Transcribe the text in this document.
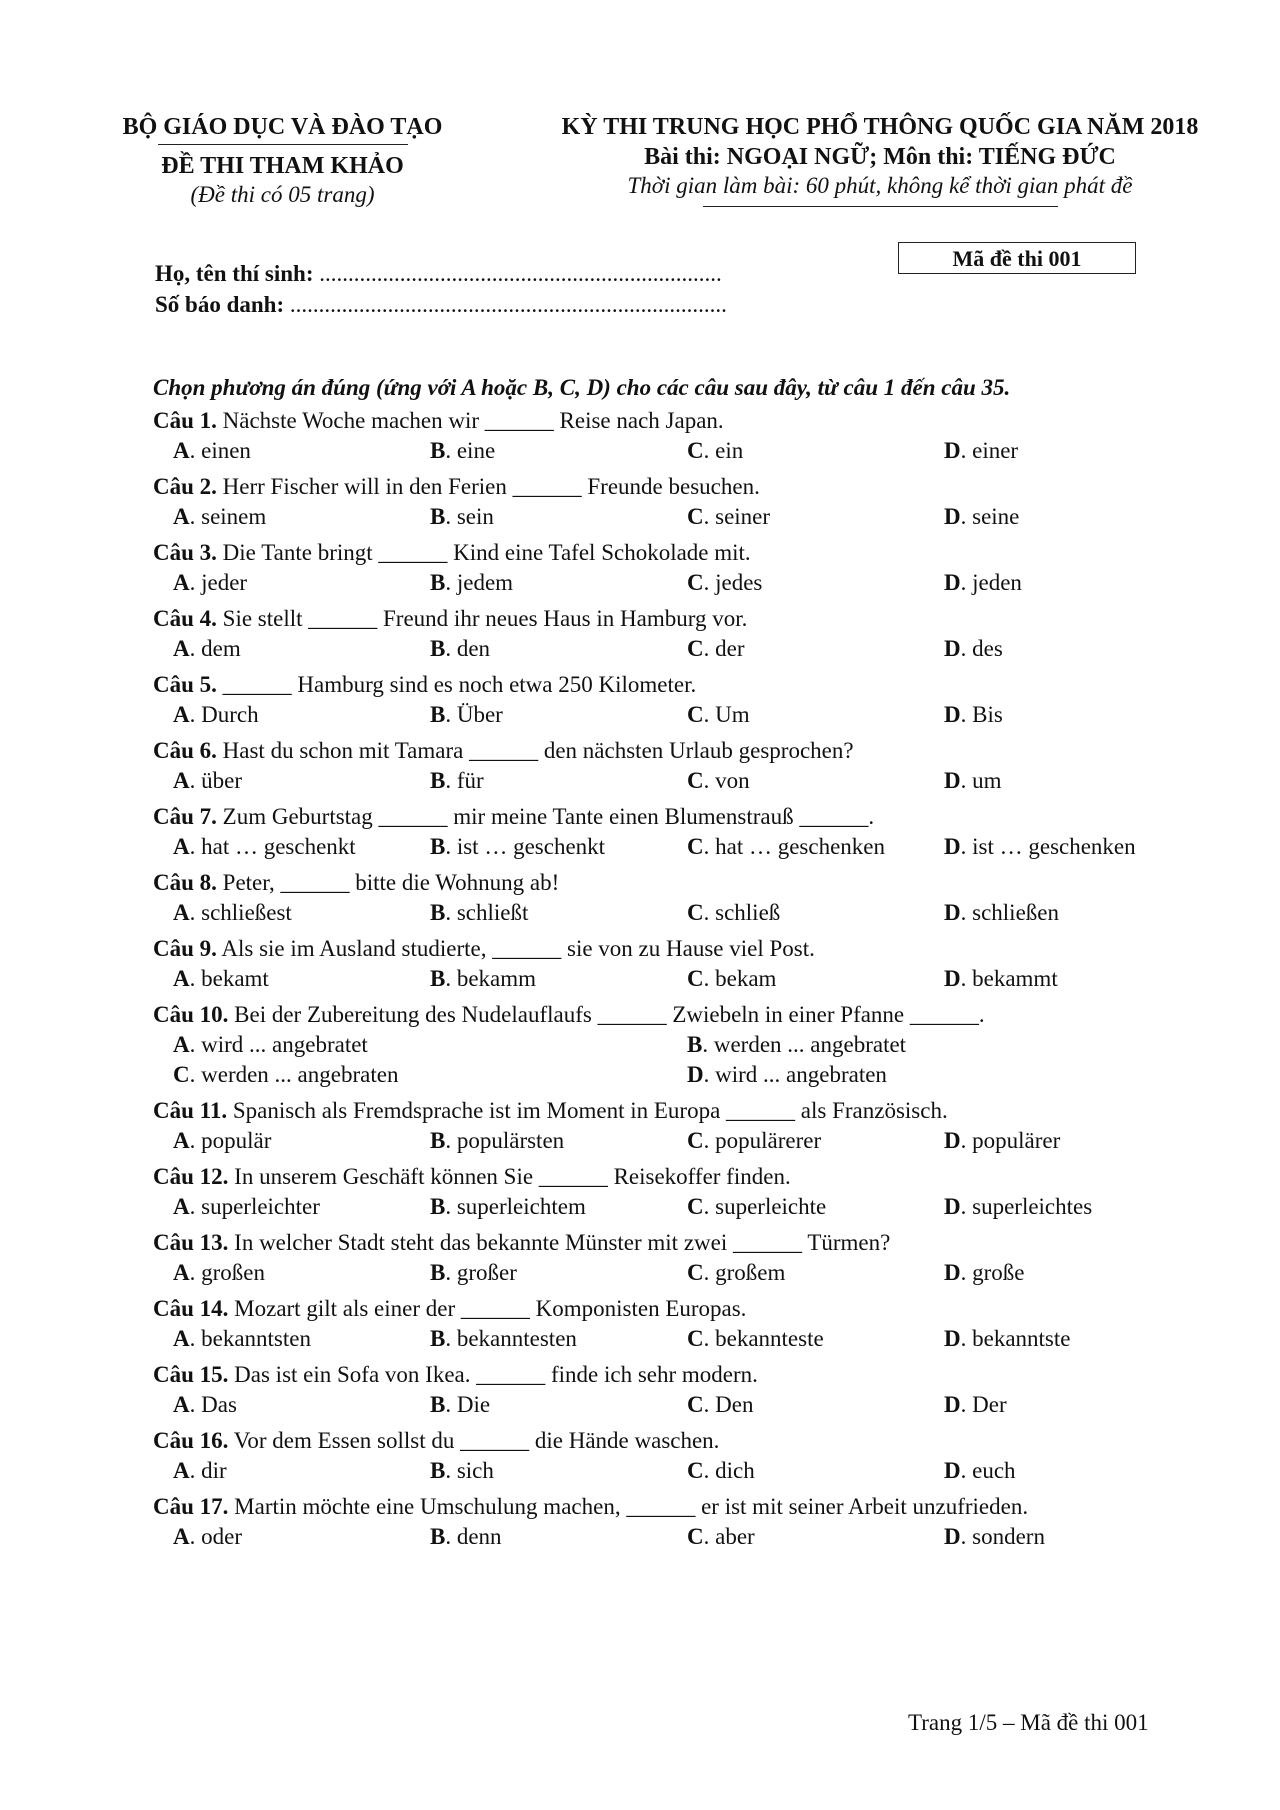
BỘ GIÁO DỤC VÀ ĐÀO TẠO
ĐỀ THI THAM KHẢO
(Đề thi có 05 trang)
KỲ THI TRUNG HỌC PHỔ THÔNG QUỐC GIA NĂM 2018
Bài thi: NGOẠI NGỮ; Môn thi: TIẾNG ĐỨC
Thời gian làm bài: 60 phút, không kể thời gian phát đề
Họ, tên thí sinh: ......................................................................
Số báo danh: ............................................................................
Mã đề thi 001
Chọn phương án đúng (ứng với A hoặc B, C, D) cho các câu sau đây, từ câu 1 đến câu 35.
Câu 1. Nächste Woche machen wir ______ Reise nach Japan.
A. einen	B. eine	C. ein	D. einer
Câu 2. Herr Fischer will in den Ferien ______ Freunde besuchen.
A. seinem	B. sein	C. seiner	D. seine
Câu 3. Die Tante bringt ______ Kind eine Tafel Schokolade mit.
A. jeder	B. jedem	C. jedes	D. jeden
Câu 4. Sie stellt ______ Freund ihr neues Haus in Hamburg vor.
A. dem	B. den	C. der	D. des
Câu 5. ______ Hamburg sind es noch etwa 250 Kilometer.
A. Durch	B. Über	C. Um	D. Bis
Câu 6. Hast du schon mit Tamara ______ den nächsten Urlaub gesprochen?
A. über	B. für	C. von	D. um
Câu 7. Zum Geburtstag ______ mir meine Tante einen Blumenstrauß ______.
A. hat … geschenkt	B. ist … geschenkt	C. hat … geschenken	D. ist … geschenken
Câu 8. Peter, ______ bitte die Wohnung ab!
A. schließest	B. schließt	C. schließ	D. schließen
Câu 9. Als sie im Ausland studierte, ______ sie von zu Hause viel Post.
A. bekamt	B. bekamm	C. bekam	D. bekammt
Câu 10. Bei der Zubereitung des Nudelauflaufs ______ Zwiebeln in einer Pfanne ______.
A. wird ... angebratet	B. werden ... angebratet
C. werden ... angebraten	D. wird ... angebraten
Câu 11. Spanisch als Fremdsprache ist im Moment in Europa ______ als Französisch.
A. populär	B. populärsten	C. populärerer	D. populärer
Câu 12. In unserem Geschäft können Sie ______ Reisekoffer finden.
A. superleichter	B. superleichtem	C. superleichte	D. superleichtes
Câu 13. In welcher Stadt steht das bekannte Münster mit zwei ______ Türmen?
A. großen	B. großer	C. großem	D. große
Câu 14. Mozart gilt als einer der ______ Komponisten Europas.
A. bekanntsten	B. bekanntesten	C. bekannteste	D. bekanntste
Câu 15. Das ist ein Sofa von Ikea. ______ finde ich sehr modern.
A. Das	B. Die	C. Den	D. Der
Câu 16. Vor dem Essen sollst du ______ die Hände waschen.
A. dir	B. sich	C. dich	D. euch
Câu 17. Martin möchte eine Umschulung machen, ______ er ist mit seiner Arbeit unzufrieden.
A. oder	B. denn	C. aber	D. sondern
Trang 1/5 – Mã đề thi 001
